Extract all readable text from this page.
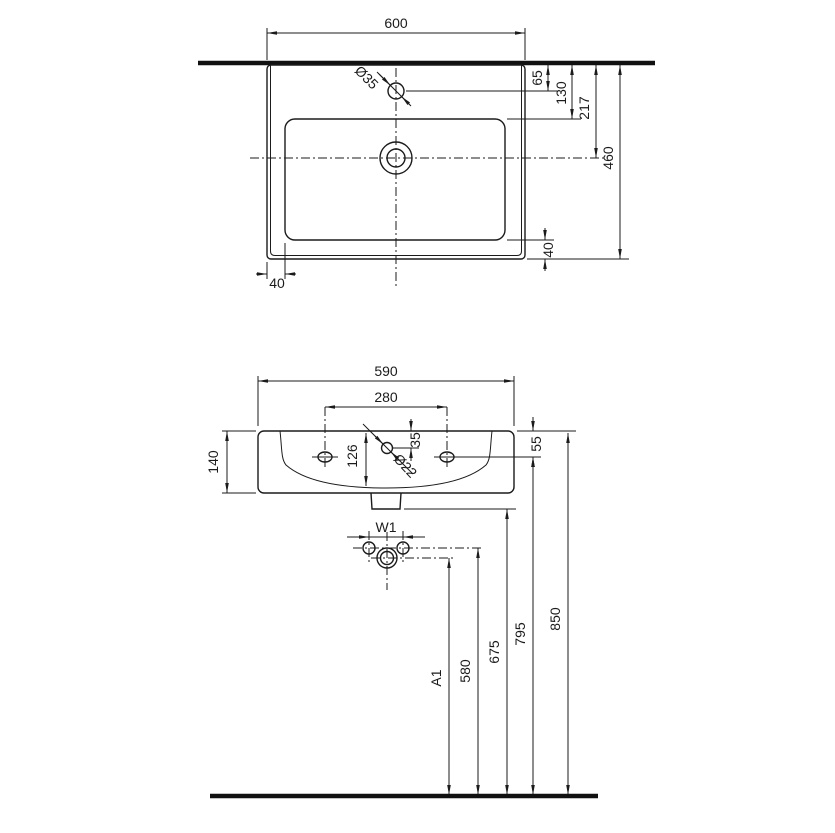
Ø35
600
65
130
217
460
40
40
Ø22
590
280
35
126
140
55
W1
A1 580
675
795
850
